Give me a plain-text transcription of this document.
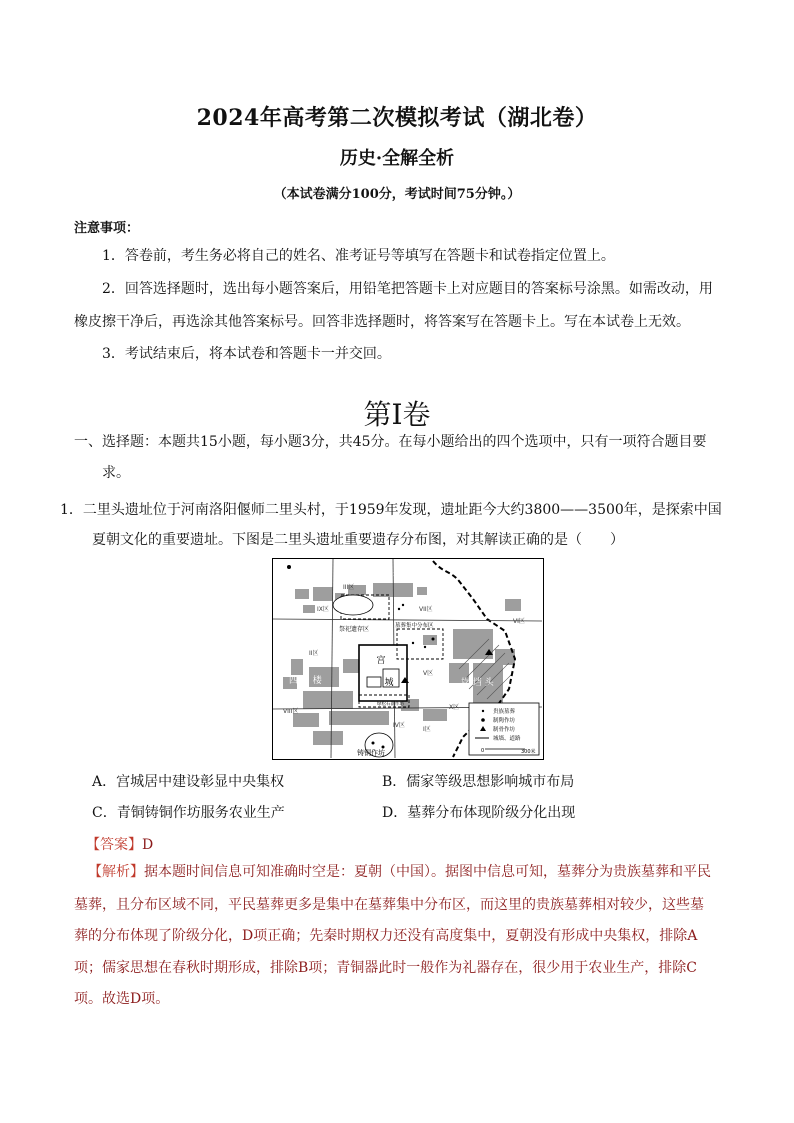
2024年高考第二次模拟考试（湖北卷）
历史·全解全析
（本试卷满分100分，考试时间75分钟。）
注意事项：
1．答卷前，考生务必将自己的姓名、准考证号等填写在答题卡和试卷指定位置上。
2．回答选择题时，选出每小题答案后，用铅笔把答题卡上对应题目的答案标号涂黑。如需改动，用
橡皮擦干净后，再选涂其他答案标号。回答非选择题时，将答案写在答题卡上。写在本试卷上无效。
3．考试结束后，将本试卷和答题卡一并交回。
第Ⅰ卷
一、选择题：本题共15小题，每小题3分，共45分。在每小题给出的四个选项中，只有一项符合题目要
求。
1．二里头遗址位于河南洛阳偃师二里头村，于1959年发现，遗址距今大约3800——3500年，是探索中国
夏朝文化的重要遗址。下图是二里头遗址重要遗存分布图，对其解读正确的是（　　）
宫
城
二 里 头
四 角 楼	圪 垱 头
祭祀遗存区	墓葬集中分布区
绿松石器作坊
铸铜作坊
IX区
III区
VII区
VI区
II区
V区
IV区
X区
VIII区
I区
贵族墓葬
制陶作坊
制骨作坊
城墙、道路
0	300米
A．宫城居中建设彰显中央集权	B．儒家等级思想影响城市布局
C．青铜铸铜作坊服务农业生产	D．墓葬分布体现阶级分化出现
【答案】D
【解析】据本题时间信息可知准确时空是：夏朝（中国）。据图中信息可知，墓葬分为贵族墓葬和平民
墓葬，且分布区域不同，平民墓葬更多是集中在墓葬集中分布区，而这里的贵族墓葬相对较少，这些墓
葬的分布体现了阶级分化，D项正确；先秦时期权力还没有高度集中，夏朝没有形成中央集权，排除A
项；儒家思想在春秋时期形成，排除B项；青铜器此时一般作为礼器存在，很少用于农业生产，排除C
项。故选D项。
